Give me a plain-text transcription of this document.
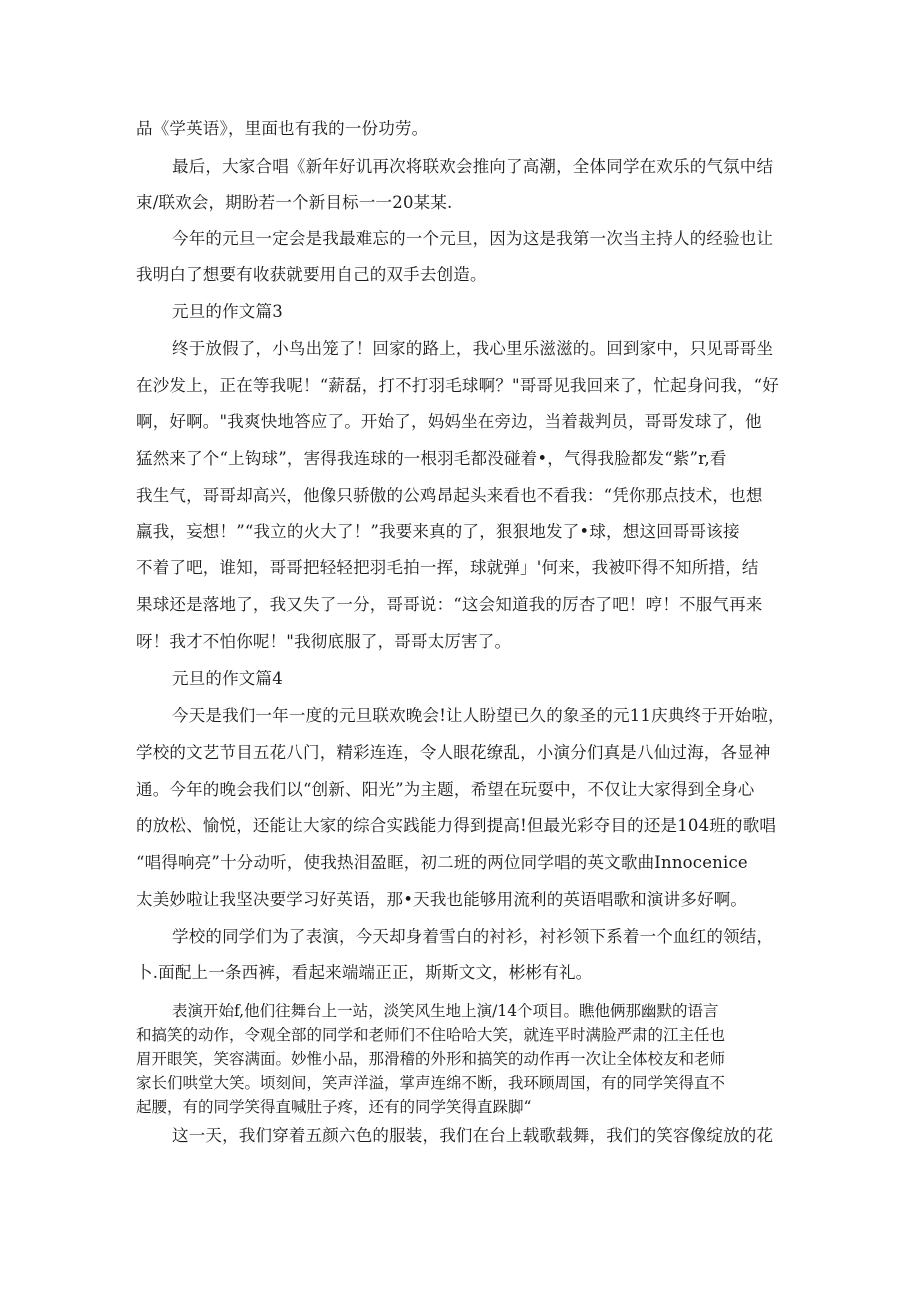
品《学英语》，里面也有我的一份功劳。
最后，大家合唱《新年好讥再次将联欢会推向了高潮，全体同学在欢乐的气氛中结
束/联欢会，期盼若一个新目标一一20某某.
今年的元旦一定会是我最难忘的一个元旦，因为这是我第一次当主持人的经验也让
我明白了想要有收获就要用自己的双手去创造。
元旦的作文篇3
终于放假了，小鸟出笼了！回家的路上，我心里乐滋滋的。回到家中，只见哥哥坐
在沙发上，正在等我呢！“薪磊，打不打羽毛球啊？"哥哥见我回来了，忙起身问我，“好
啊，好啊。"我爽快地答应了。开始了，妈妈坐在旁边，当着裁判员，哥哥发球了，他
猛然来了个“上钩球”，害得我连球的一根羽毛都没碰着•，气得我脸都发“紫”r,看
我生气，哥哥却高兴，他像只骄傲的公鸡昂起头来看也不看我：“凭你那点技术，也想
羸我，妄想！”“我立的火大了！”我要来真的了，狠狠地发了•球，想这回哥哥该接
不着了吧，谁知，哥哥把轻轻把羽毛拍一挥，球就弹」'何来，我被吓得不知所措，结
果球还是落地了，我又失了一分，哥哥说：“这会知道我的厉杏了吧！哼！不服气再来
呀！我才不怕你呢！"我彻底服了，哥哥太厉害了。
元旦的作文篇4
今天是我们一年一度的元旦联欢晚会!让人盼望已久的象圣的元11庆典终于开始啦，
学校的文艺节目五花八门，精彩连连，令人眼花缭乱，小演分们真是八仙过海，各显神
通。今年的晚会我们以“创新、阳光”为主题，希望在玩耍中，不仅让大家得到全身心
的放松、愉悦，还能让大家的综合实践能力得到提高!但最光彩夺目的还是104班的歌唱
“唱得响亮”十分动听，使我热泪盈眶，初二班的两位同学唱的英文歌曲Innocenice
太美妙啦让我坚决要学习好英语，那•天我也能够用流利的英语唱歌和演讲多好啊。
学校的同学们为了表演，今天却身着雪白的衬衫，衬衫领下系着一个血红的领结，
卜.面配上一条西裤，看起来端端正正，斯斯文文，彬彬有礼。
表演开始f,他们往舞台上一站，淡笑风生地上演/14个项目。瞧他俩那幽默的语言
和搞笑的动作，令观全部的同学和老师们不住哈哈大笑，就连平时满脸严肃的江主任也
眉开眼笑，笑容满面。妙惟小品，那滑稽的外形和搞笑的动作再一次让全体校友和老师
家长们哄堂大笑。顷刻间，笑声洋溢，掌声连绵不断，我环顾周国，有的同学笑得直不
起腰，有的同学笑得直喊肚子疼，还有的同学笑得直跺脚“
这一天，我们穿着五颜六色的服装，我们在台上载歌载舞，我们的笑容像绽放的花
